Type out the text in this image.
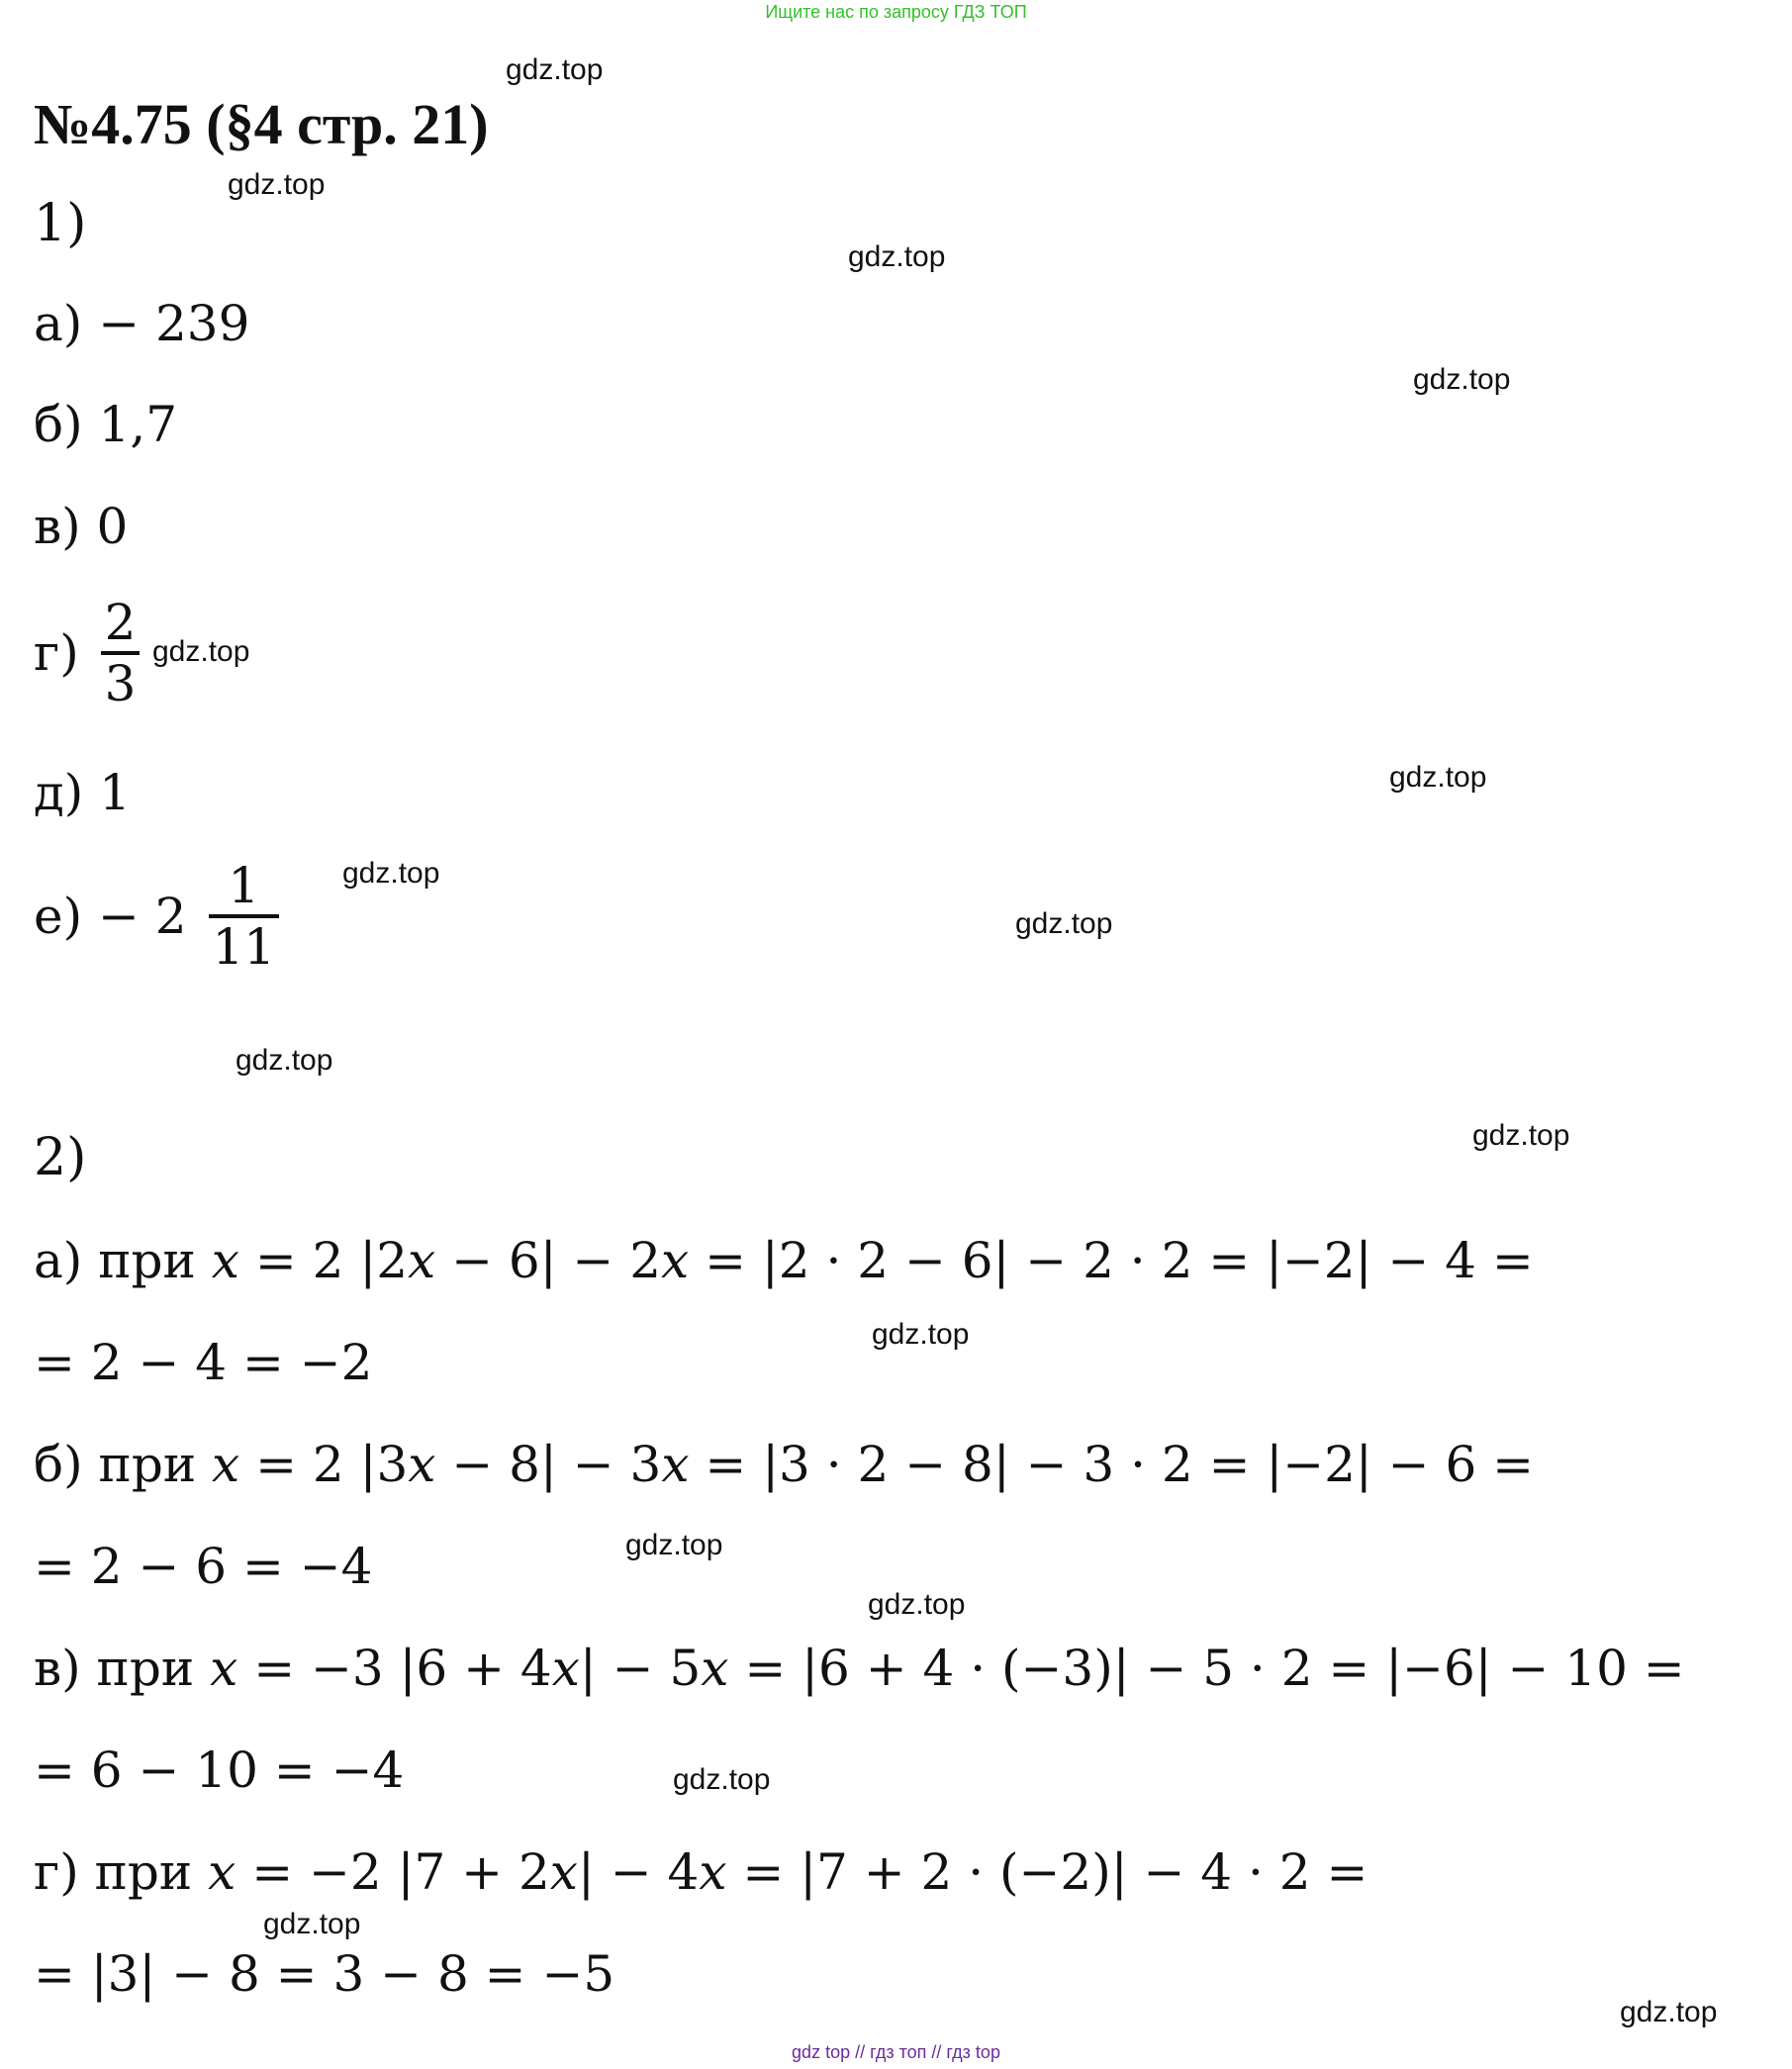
Ищите нас по запросу ГДЗ ТОП
№4.75 (§4 стр. 21)
1)
а) − 239
б) 1,7
в) 0
$г) \frac{2}{3}$
д) 1
$е) - 2 \frac{1}{11}$
2)
а) при 𝑥 = 2 |2𝑥 − 6| − 2𝑥 = |2 · 2 − 6| − 2 · 2 = |−2| − 4 =
= 2 − 4 = −2
б) при 𝑥 = 2 |3𝑥 − 8| − 3𝑥 = |3 · 2 − 8| − 3 · 2 = |−2| − 6 =
= 2 − 6 = −4
в) при 𝑥 = −3 |6 + 4𝑥| − 5𝑥 = |6 + 4 · (−3)| − 5 · 2 = |−6| − 10 =
= 6 − 10 = −4
г) при 𝑥 = −2 |7 + 2𝑥| − 4𝑥 = |7 + 2 · (−2)| − 4 · 2 =
= |3| − 8 = 3 − 8 = −5
gdz.top
gdz.top
gdz.top
gdz.top
gdz.top
gdz.top
gdz.top
gdz.top
gdz.top
gdz.top
gdz.top
gdz.top
gdz.top
gdz.top
gdz.top
gdz.top
gdz top // гдз топ // гдз top
